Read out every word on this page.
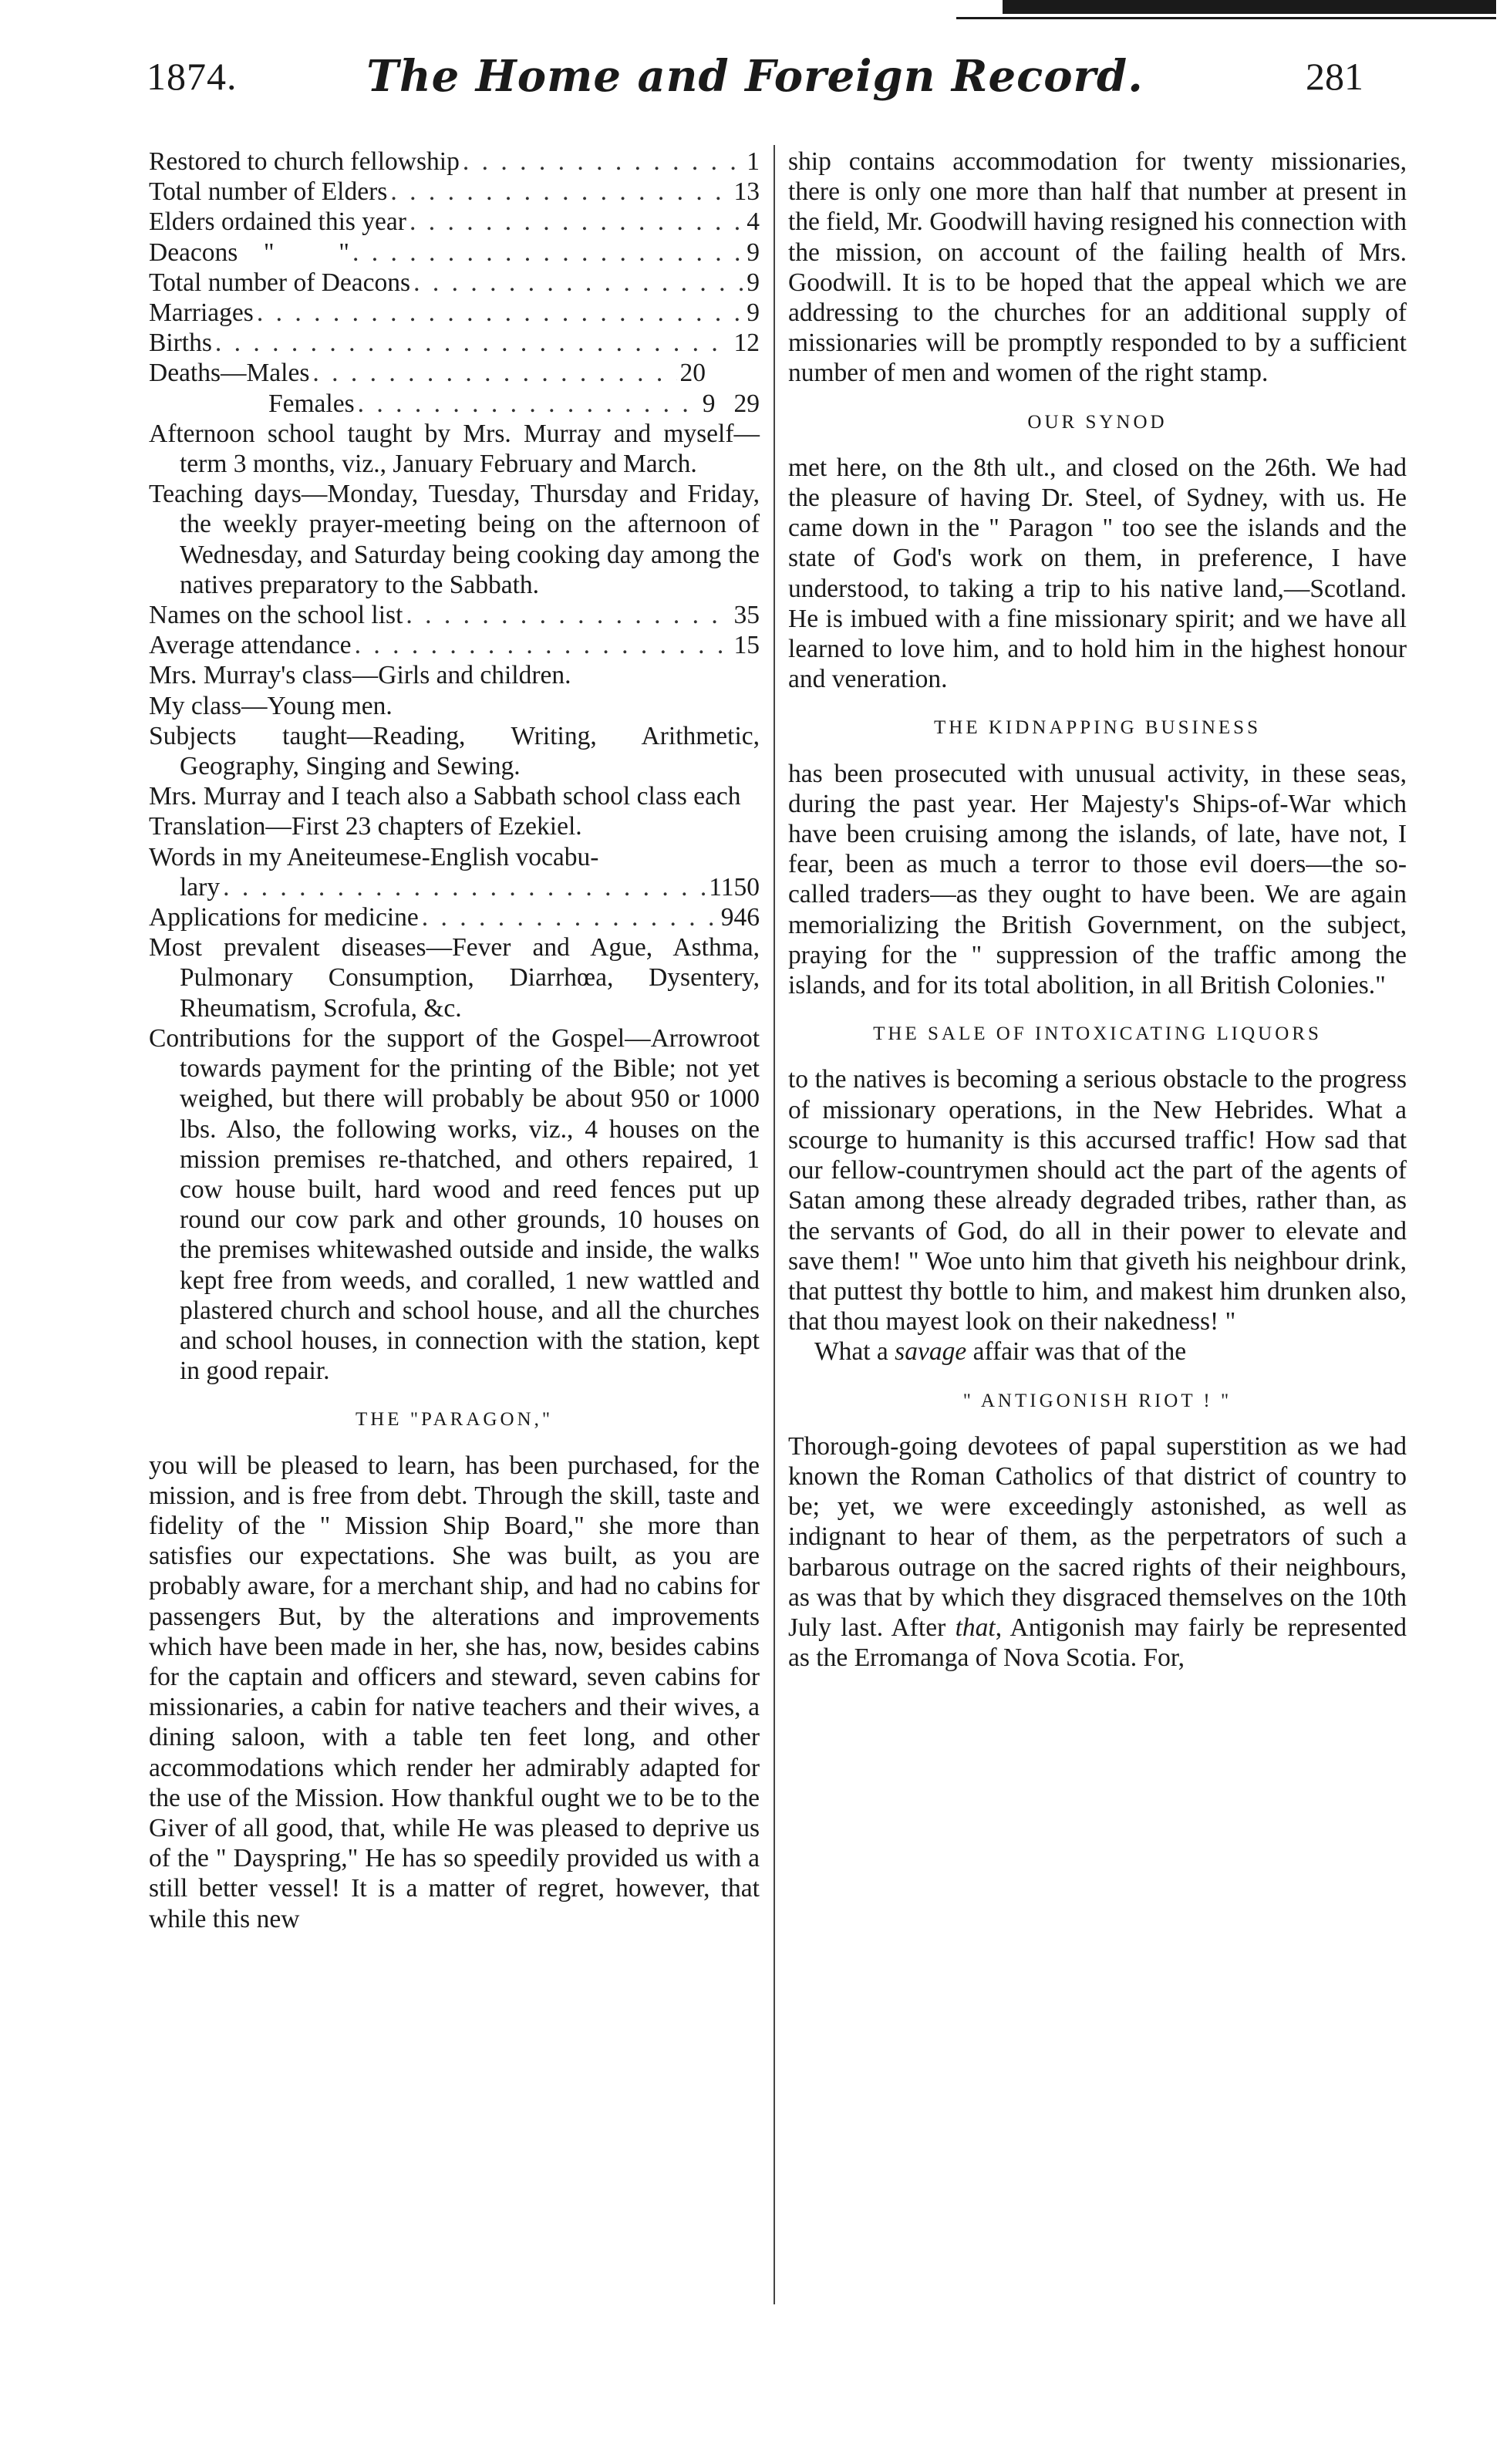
1874.	The Home and Foreign Record.	281
Restored to church fellowship . . .	1
Total number of Elders . . .	13
Elders ordained this year . . .	4
Deacons    "          " . . .	9
Total number of Deacons . . .	9
Marriages . . .	9
Births . . .	12
Deaths—Males . . .	20
Females . . .	9 29

Afternoon school taught by Mrs. Murray and myself—term 3 months, viz., January February and March.

Teaching days—Monday, Tuesday, Thursday and Friday, the weekly prayer-meeting being on the afternoon of Wednesday, and Saturday being cooking day among the natives preparatory to the Sabbath.

Names on the school list . . .	35
Average attendance . . .	15

Mrs. Murray's class—Girls and children.

My class—Young men.

Subjects taught—Reading, Writing, Arithmetic, Geography, Singing and Sewing.

Mrs. Murray and I teach also a Sabbath school class each

Translation—First 23 chapters of Ezekiel.

Words in my Aneiteumese-English vocabu-

lary . . .	1150
Applications for medicine . . .	946

Most prevalent diseases—Fever and Ague, Asthma, Pulmonary Consumption, Diarrhœa, Dysentery, Rheumatism, Scrofula, &c.

Contributions for the support of the Gospel—Arrowroot towards payment for the printing of the Bible; not yet weighed, but there will probably be about 950 or 1000 lbs. Also, the following works, viz., 4 houses on the mission premises re-thatched, and others repaired, 1 cow house built, hard wood and reed fences put up round our cow park and other grounds, 10 houses on the premises whitewashed outside and inside, the walks kept free from weeds, and coralled, 1 new wattled and plastered church and school house, and all the churches and school houses, in connection with the station, kept in good repair.

THE "PARAGON,"

you will be pleased to learn, has been purchased, for the mission, and is free from debt. Through the skill, taste and fidelity of the " Mission Ship Board," she more than satisfies our expectations. She was built, as you are probably aware, for a merchant ship, and had no cabins for passengers But, by the alterations and improvements which have been made in her, she has, now, besides cabins for the captain and officers and steward, seven cabins for missionaries, a cabin for native teachers and their wives, a dining saloon, with a table ten feet long, and other accommodations which render her admirably adapted for the use of the Mission. How thankful ought we to be to the Giver of all good, that, while He was pleased to deprive us of the " Dayspring," He has so speedily provided us with a still better vessel! It is a matter of regret, however, that while this new

ship contains accommodation for twenty missionaries, there is only one more than half that number at present in the field, Mr. Goodwill having resigned his connection with the mission, on account of the failing health of Mrs. Goodwill. It is to be hoped that the appeal which we are addressing to the churches for an additional supply of missionaries will be promptly responded to by a sufficient number of men and women of the right stamp.

OUR SYNOD

met here, on the 8th ult., and closed on the 26th. We had the pleasure of having Dr. Steel, of Sydney, with us. He came down in the " Paragon " too see the islands and the state of God's work on them, in preference, I have understood, to taking a trip to his native land,—Scotland. He is imbued with a fine missionary spirit; and we have all learned to love him, and to hold him in the highest honour and veneration.

THE KIDNAPPING BUSINESS

has been prosecuted with unusual activity, in these seas, during the past year. Her Majesty's Ships-of-War which have been cruising among the islands, of late, have not, I fear, been as much a terror to those evil doers—the so-called traders—as they ought to have been. We are again memorializing the British Government, on the subject, praying for the " suppression of the traffic among the islands, and for its total abolition, in all British Colonies."

THE SALE OF INTOXICATING LIQUORS

to the natives is becoming a serious obstacle to the progress of missionary operations, in the New Hebrides. What a scourge to humanity is this accursed traffic! How sad that our fellow-countrymen should act the part of the agents of Satan among these already degraded tribes, rather than, as the servants of God, do all in their power to elevate and save them! " Woe unto him that giveth his neighbour drink, that puttest thy bottle to him, and makest him drunken also, that thou mayest look on their nakedness! "

What a savage affair was that of the

" ANTIGONISH RIOT ! "

Thorough-going devotees of papal superstition as we had known the Roman Catholics of that district of country to be; yet, we were exceedingly astonished, as well as indignant to hear of them, as the perpetrators of such a barbarous outrage on the sacred rights of their neighbours, as was that by which they disgraced themselves on the 10th July last. After that, Antigonish may fairly be represented as the Erromanga of Nova Scotia. For,
